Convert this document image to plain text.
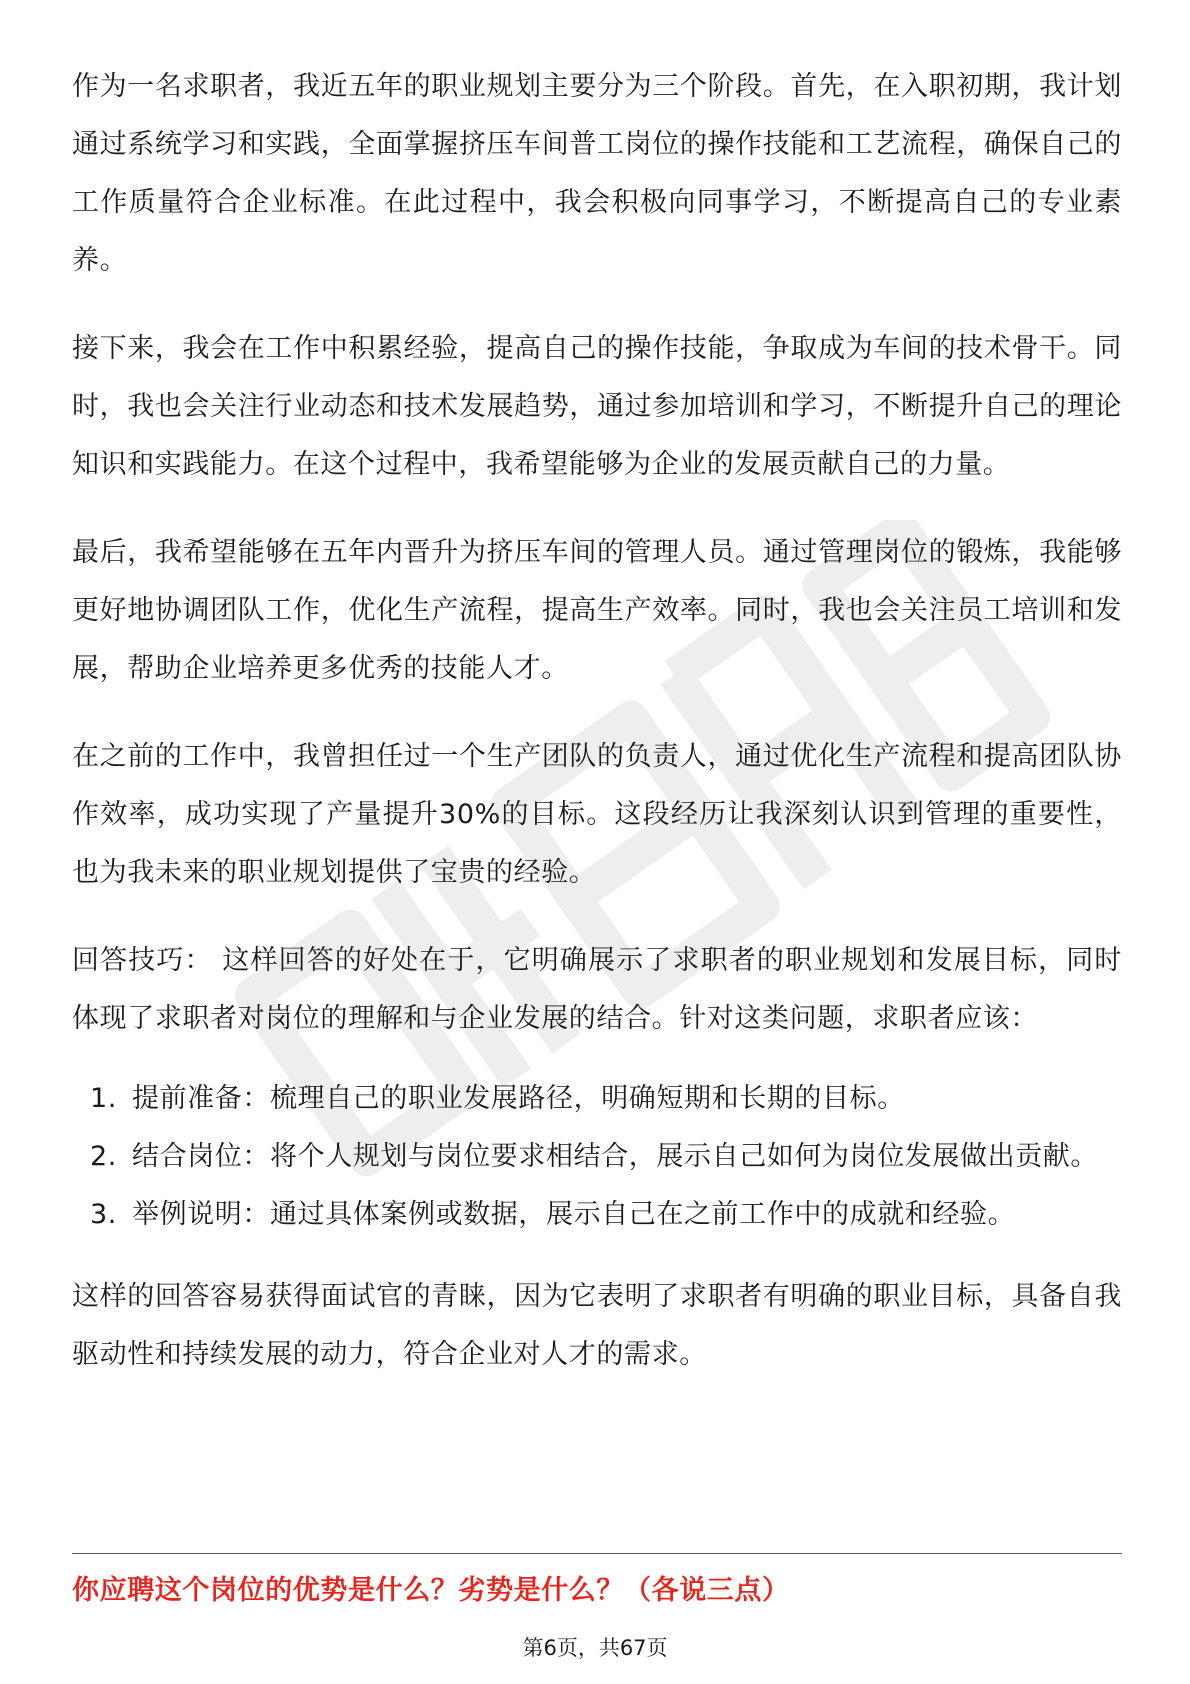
作为一名求职者，我近五年的职业规划主要分为三个阶段。首先，在入职初期，我计划通过系统学习和实践，全面掌握挤压车间普工岗位的操作技能和工艺流程，确保自己的工作质量符合企业标准。在此过程中，我会积极向同事学习，不断提高自己的专业素养。

接下来，我会在工作中积累经验，提高自己的操作技能，争取成为车间的技术骨干。同时，我也会关注行业动态和技术发展趋势，通过参加培训和学习，不断提升自己的理论知识和实践能力。在这个过程中，我希望能够为企业的发展贡献自己的力量。

最后，我希望能够在五年内晋升为挤压车间的管理人员。通过管理岗位的锻炼，我能够更好地协调团队工作，优化生产流程，提高生产效率。同时，我也会关注员工培训和发展，帮助企业培养更多优秀的技能人才。

在之前的工作中，我曾担任过一个生产团队的负责人，通过优化生产流程和提高团队协作效率，成功实现了产量提升30%的目标。这段经历让我深刻认识到管理的重要性，也为我未来的职业规划提供了宝贵的经验。

回答技巧： 这样回答的好处在于，它明确展示了求职者的职业规划和发展目标，同时体现了求职者对岗位的理解和与企业发展的结合。针对这类问题，求职者应该：

1. 提前准备：梳理自己的职业发展路径，明确短期和长期的目标。
2. 结合岗位：将个人规划与岗位要求相结合，展示自己如何为岗位发展做出贡献。
3. 举例说明：通过具体案例或数据，展示自己在之前工作中的成就和经验。

这样的回答容易获得面试官的青睐，因为它表明了求职者有明确的职业目标，具备自我驱动性和持续发展的动力，符合企业对人才的需求。

你应聘这个岗位的优势是什么？劣势是什么？（各说三点）
第6页，共67页
